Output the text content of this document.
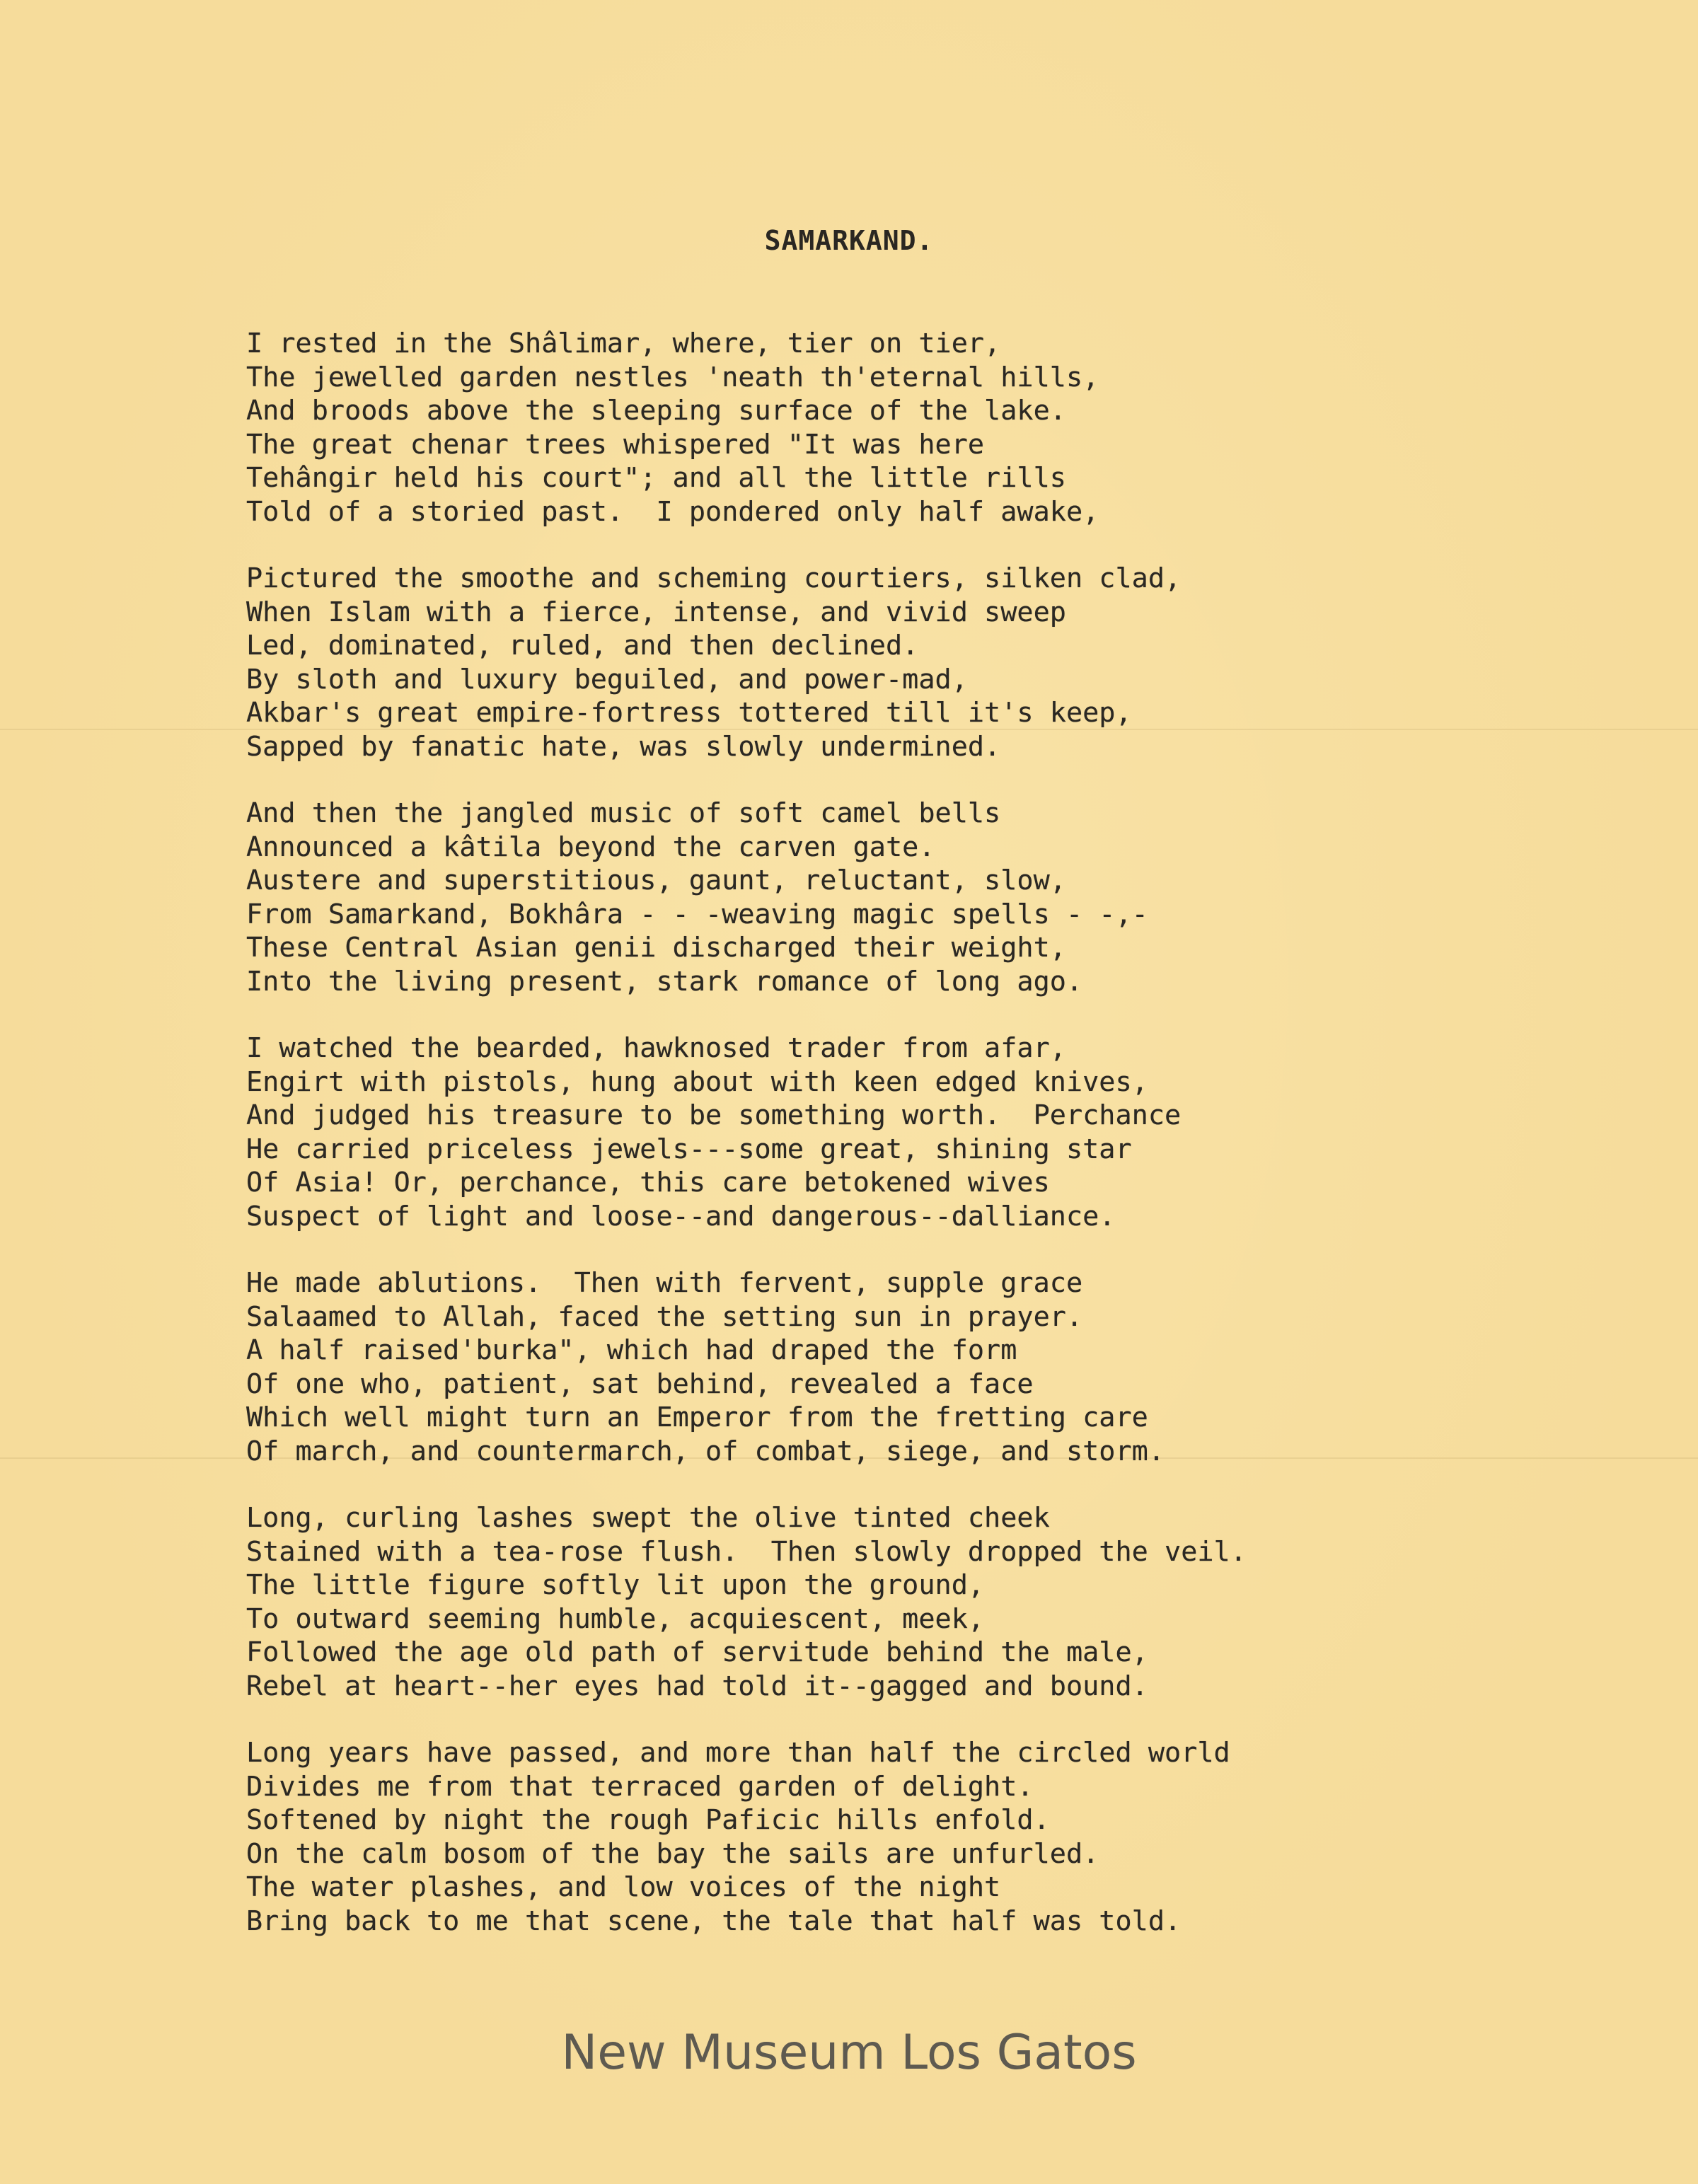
SAMARKAND.
I rested in the Shâlimar, where, tier on tier,
The jewelled garden nestles 'neath th'eternal hills,
And broods above the sleeping surface of the lake.
The great chenar trees whispered "It was here
Tehângir held his court"; and all the little rills
Told of a storied past.  I pondered only half awake,
Pictured the smoothe and scheming courtiers, silken clad,
When Islam with a fierce, intense, and vivid sweep
Led, dominated, ruled, and then declined.
By sloth and luxury beguiled, and power-mad,
Akbar's great empire-fortress tottered till it's keep,
Sapped by fanatic hate, was slowly undermined.
And then the jangled music of soft camel bells
Announced a kâtila beyond the carven gate.
Austere and superstitious, gaunt, reluctant, slow,
From Samarkand, Bokhâra - - -weaving magic spells - -,-
These Central Asian genii discharged their weight,
Into the living present, stark romance of long ago.
I watched the bearded, hawknosed trader from afar,
Engirt with pistols, hung about with keen edged knives,
And judged his treasure to be something worth.  Perchance
He carried priceless jewels---some great, shining star
Of Asia! Or, perchance, this care betokened wives
Suspect of light and loose--and dangerous--dalliance.
He made ablutions.  Then with fervent, supple grace
Salaamed to Allah, faced the setting sun in prayer.
A half raised'burka", which had draped the form
Of one who, patient, sat behind, revealed a face
Which well might turn an Emperor from the fretting care
Of march, and countermarch, of combat, siege, and storm.
Long, curling lashes swept the olive tinted cheek
Stained with a tea-rose flush.  Then slowly dropped the veil.
The little figure softly lit upon the ground,
To outward seeming humble, acquiescent, meek,
Followed the age old path of servitude behind the male,
Rebel at heart--her eyes had told it--gagged and bound.
Long years have passed, and more than half the circled world
Divides me from that terraced garden of delight.
Softened by night the rough Paficic hills enfold.
On the calm bosom of the bay the sails are unfurled.
The water plashes, and low voices of the night
Bring back to me that scene, the tale that half was told.
New Museum Los Gatos
